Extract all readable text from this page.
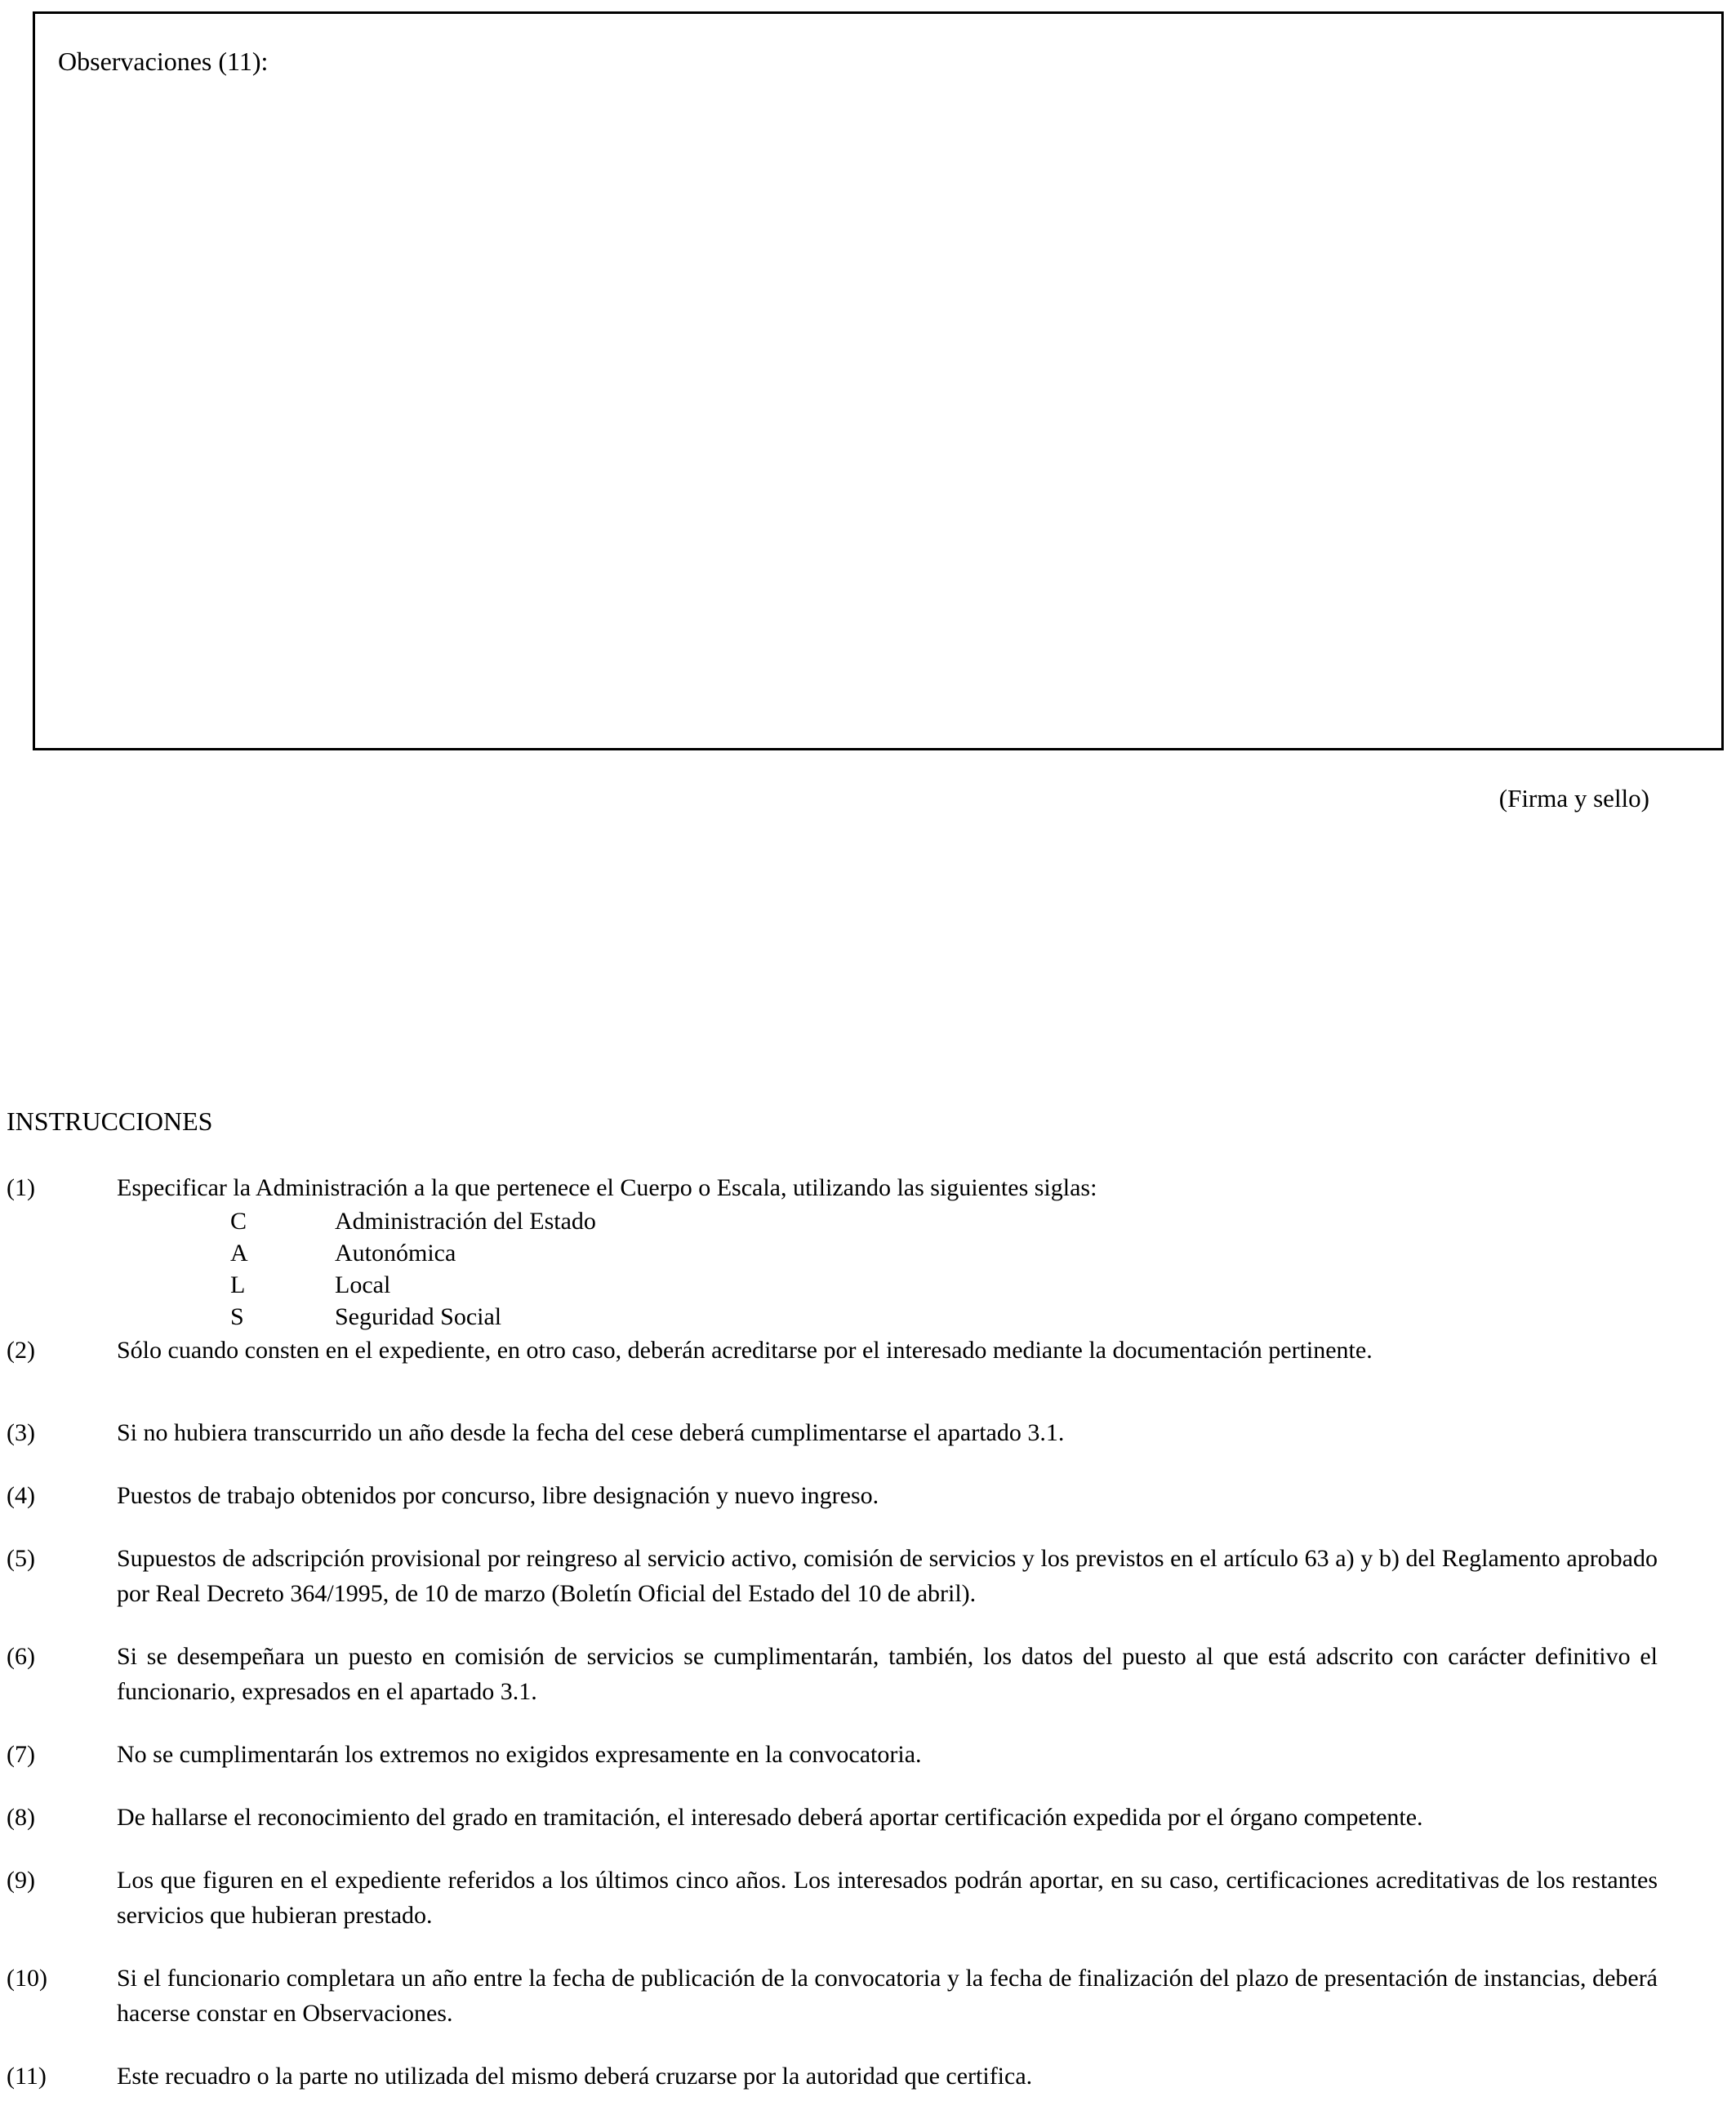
Observaciones (11):
(Firma y sello)
INSTRUCCIONES
(1)	Especificar la Administración a la que pertenece el Cuerpo o Escala, utilizando las siguientes siglas:
C	Administración del Estado
A	Autonómica
L	Local
S	Seguridad Social
(2)	Sólo cuando consten en el expediente, en otro caso, deberán acreditarse por el interesado mediante la documentación pertinente.
(3)	Si no hubiera transcurrido un año desde la fecha del cese deberá cumplimentarse el apartado 3.1.
(4)	Puestos de trabajo obtenidos por concurso, libre designación y nuevo ingreso.
(5)	Supuestos de adscripción provisional por reingreso al servicio activo, comisión de servicios y los previstos en el artículo 63 a) y b) del Reglamento aprobado por Real Decreto 364/1995, de 10 de marzo (Boletín Oficial del Estado del 10 de abril).
(6)	Si se desempeñara un puesto en comisión de servicios se cumplimentarán, también, los datos del puesto al que está adscrito con carácter definitivo el funcionario, expresados en el apartado 3.1.
(7)	No se cumplimentarán los extremos no exigidos expresamente en la convocatoria.
(8)	De hallarse el reconocimiento del grado en tramitación, el interesado deberá aportar certificación expedida por el órgano competente.
(9)	Los que figuren en el expediente referidos a los últimos cinco años. Los interesados podrán aportar, en su caso, certificaciones acreditativas de los restantes servicios que hubieran prestado.
(10)	Si el funcionario completara un año entre la fecha de publicación de la convocatoria y la fecha de finalización del plazo de presentación de instancias, deberá hacerse constar en Observaciones.
(11)	Este recuadro o la parte no utilizada del mismo deberá cruzarse por la autoridad que certifica.
